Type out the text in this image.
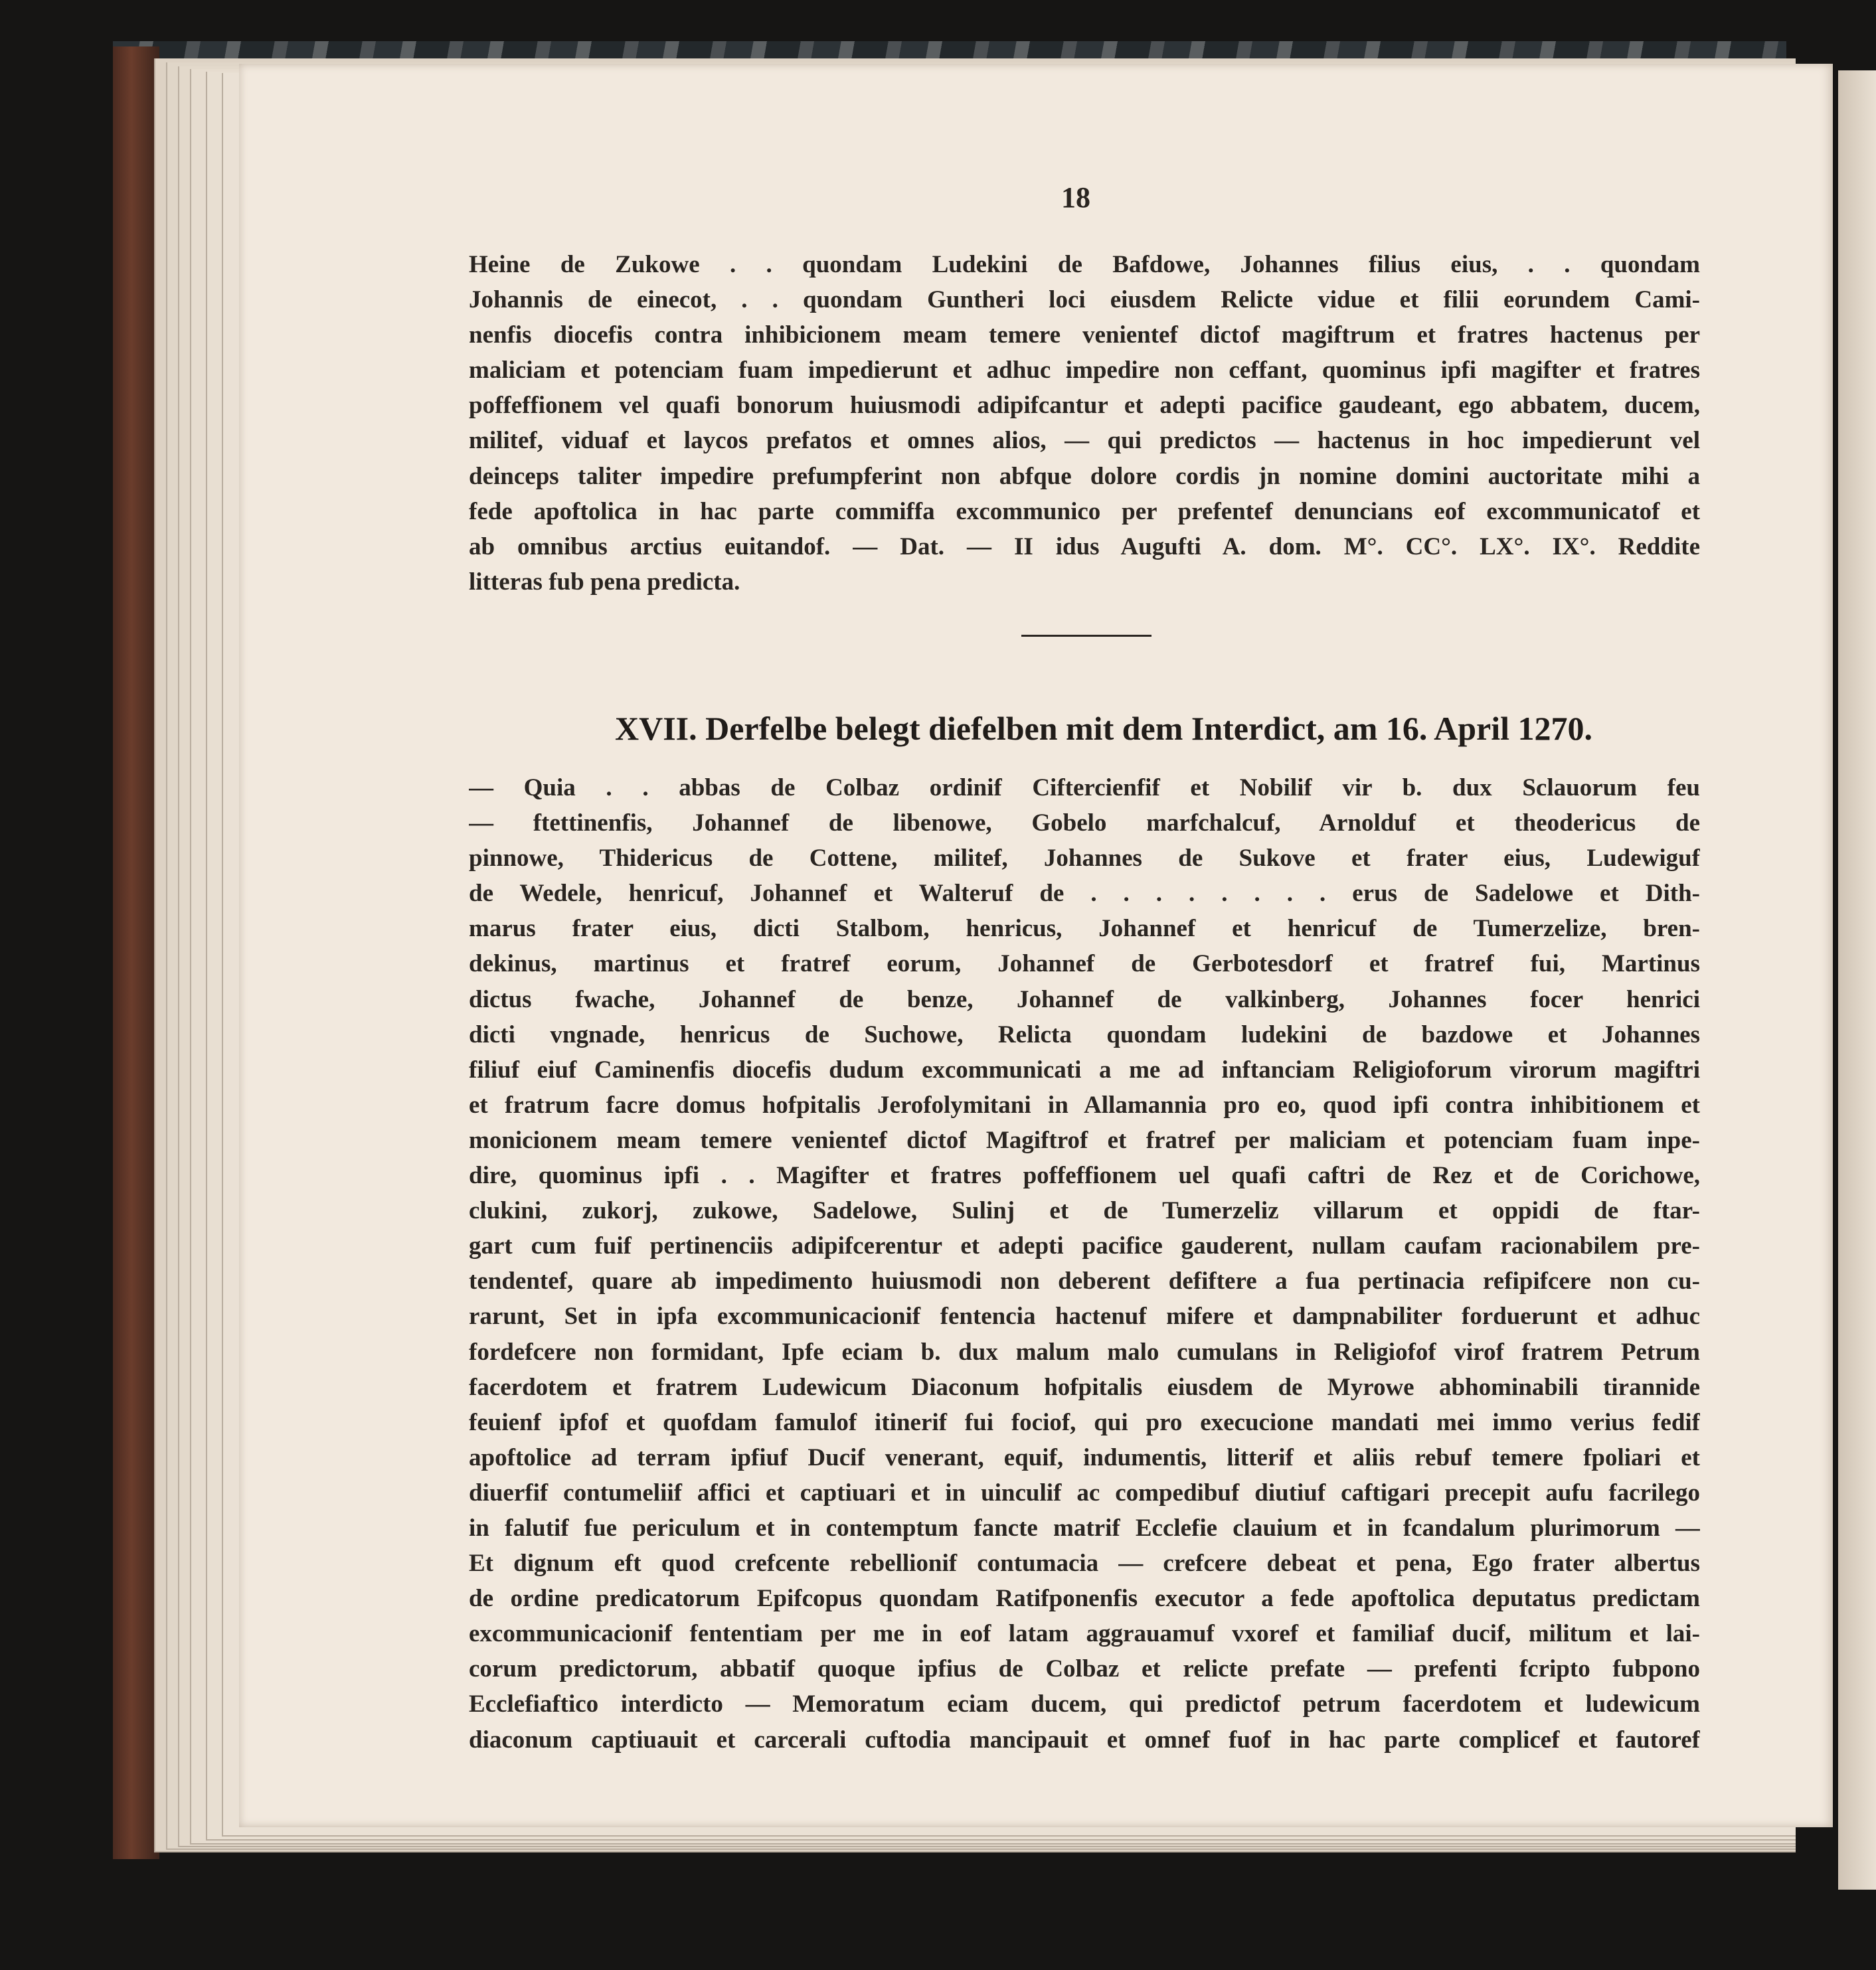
18
Heine de Zukowe . . quondam Ludekini de Bafdowe, Johannes filius eius, . . quondam
Johannis de einecot, . . quondam Guntheri loci eiusdem Relicte vidue et filii eorundem Cami-
nenfis diocefis contra inhibicionem meam temere venientef dictof magiftrum et fratres hactenus per
maliciam et potenciam fuam impedierunt et adhuc impedire non ceffant, quominus ipfi magifter et fratres
poffeffionem vel quafi bonorum huiusmodi adipifcantur et adepti pacifice gaudeant, ego abbatem, ducem,
militef, viduaf et laycos prefatos et omnes alios, — qui predictos — hactenus in hoc impedierunt vel
deinceps taliter impedire prefumpferint non abfque dolore cordis jn nomine domini auctoritate mihi a
fede apoftolica in hac parte commiffa excommunico per prefentef denuncians eof excommunicatof et
ab omnibus arctius euitandof. — Dat. — II idus Augufti A. dom. M°. CC°. LX°. IX°. Reddite
litteras fub pena predicta.
XVII. Derfelbe belegt diefelben mit dem Interdict, am 16. April 1270.
— Quia . . abbas de Colbaz ordinif Ciftercienfif et Nobilif vir b. dux Sclauorum feu
— ftettinenfis, Johannef de libenowe, Gobelo marfchalcuf, Arnolduf et theodericus de
pinnowe, Thidericus de Cottene, militef, Johannes de Sukove et frater eius, Ludewiguf
de Wedele, henricuf, Johannef et Walteruf de . . . . . . . . erus de Sadelowe et Dith-
marus frater eius, dicti Stalbom, henricus, Johannef et henricuf de Tumerzelize, bren-
dekinus, martinus et fratref eorum, Johannef de Gerbotesdorf et fratref fui, Martinus
dictus fwache, Johannef de benze, Johannef de valkinberg, Johannes focer henrici
dicti vngnade, henricus de Suchowe, Relicta quondam ludekini de bazdowe et Johannes
filiuf eiuf Caminenfis diocefis dudum excommunicati a me ad inftanciam Religioforum virorum magiftri
et fratrum facre domus hofpitalis Jerofolymitani in Allamannia pro eo, quod ipfi contra inhibitionem et
monicionem meam temere venientef dictof Magiftrof et fratref per maliciam et potenciam fuam inpe-
dire, quominus ipfi . . Magifter et fratres poffeffionem uel quafi caftri de Rez et de Corichowe,
clukini, zukorj, zukowe, Sadelowe, Sulinj et de Tumerzeliz villarum et oppidi de ftar-
gart cum fuif pertinenciis adipifcerentur et adepti pacifice gauderent, nullam caufam racionabilem pre-
tendentef, quare ab impedimento huiusmodi non deberent defiftere a fua pertinacia refipifcere non cu-
rarunt, Set in ipfa excommunicacionif fentencia hactenuf mifere et dampnabiliter forduerunt et adhuc
fordefcere non formidant, Ipfe eciam b. dux malum malo cumulans in Religiofof virof fratrem Petrum
facerdotem et fratrem Ludewicum Diaconum hofpitalis eiusdem de Myrowe abhominabili tirannide
feuienf ipfof et quofdam famulof itinerif fui fociof, qui pro execucione mandati mei immo verius fedif
apoftolice ad terram ipfiuf Ducif venerant, equif, indumentis, litterif et aliis rebuf temere fpoliari et
diuerfif contumeliif affici et captiuari et in uinculif ac compedibuf diutiuf caftigari precepit aufu facrilego
in falutif fue periculum et in contemptum fancte matrif Ecclefie clauium et in fcandalum plurimorum —
Et dignum eft quod crefcente rebellionif contumacia — crefcere debeat et pena, Ego frater albertus
de ordine predicatorum Epifcopus quondam Ratifponenfis executor a fede apoftolica deputatus predictam
excommunicacionif fententiam per me in eof latam aggrauamuf vxoref et familiaf ducif, militum et lai-
corum predictorum, abbatif quoque ipfius de Colbaz et relicte prefate — prefenti fcripto fubpono
Ecclefiaftico interdicto — Memoratum eciam ducem, qui predictof petrum facerdotem et ludewicum
diaconum captiuauit et carcerali cuftodia mancipauit et omnef fuof in hac parte complicef et fautoref
